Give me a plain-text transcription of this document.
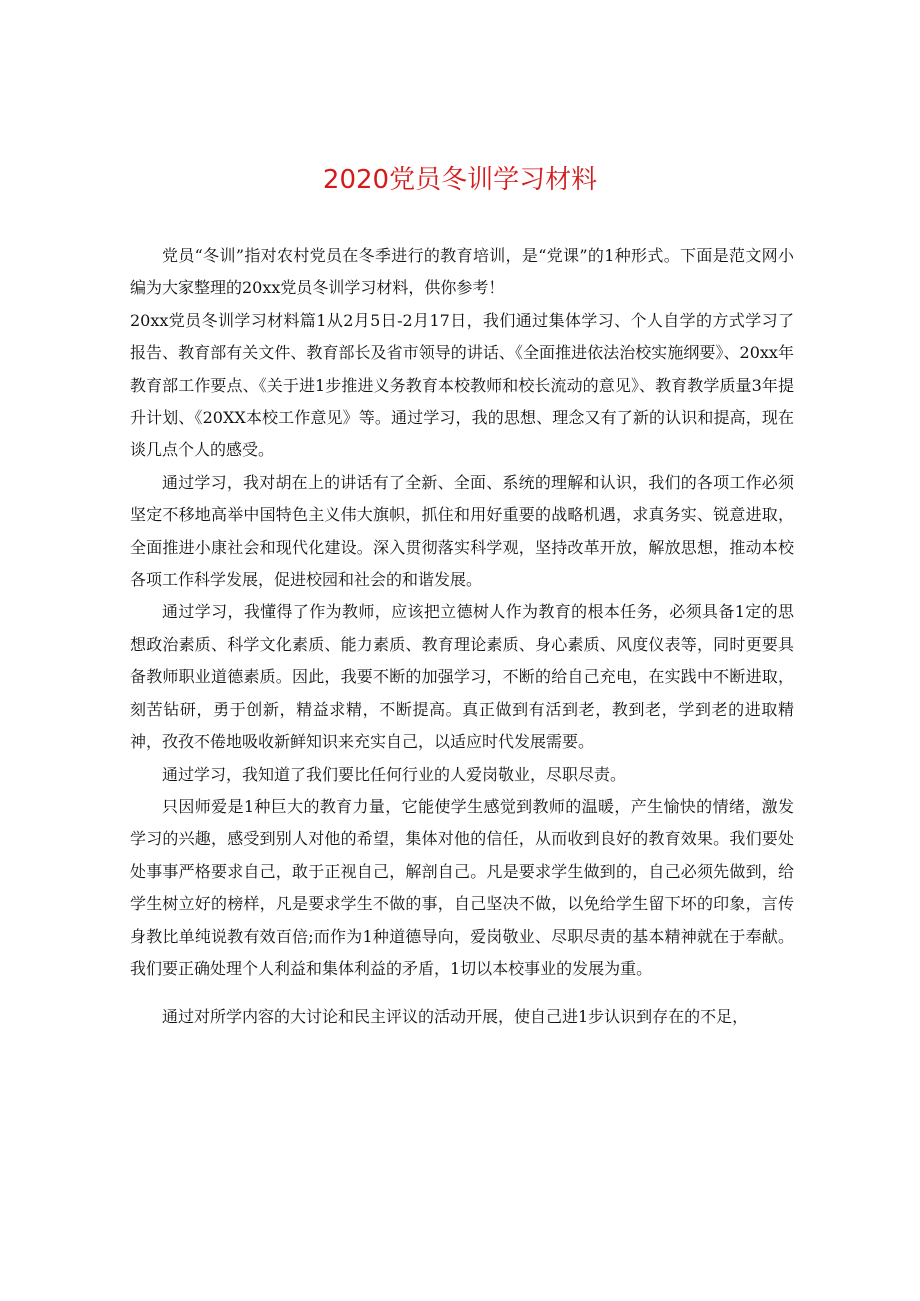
2020党员冬训学习材料

党员“冬训”指对农村党员在冬季进行的教育培训，是“党课”的1种形式。下面是范文网小编为大家整理的20xx党员冬训学习材料，供你参考！

20xx党员冬训学习材料篇1从2月5日-2月17日，我们通过集体学习、个人自学的方式学习了报告、教育部有关文件、教育部长及省市领导的讲话、《全面推进依法治校实施纲要》、20xx年教育部工作要点、《关于进1步推进义务教育本校教师和校长流动的意见》、教育教学质量3年提升计划、《20XX本校工作意见》等。通过学习，我的思想、理念又有了新的认识和提高，现在谈几点个人的感受。

通过学习，我对胡在上的讲话有了全新、全面、系统的理解和认识，我们的各项工作必须坚定不移地高举中国特色主义伟大旗帜，抓住和用好重要的战略机遇，求真务实、锐意进取，全面推进小康社会和现代化建设。深入贯彻落实科学观，坚持改革开放，解放思想，推动本校各项工作科学发展，促进校园和社会的和谐发展。

通过学习，我懂得了作为教师，应该把立德树人作为教育的根本任务，必须具备1定的思想政治素质、科学文化素质、能力素质、教育理论素质、身心素质、风度仪表等，同时更要具备教师职业道德素质。因此，我要不断的加强学习，不断的给自己充电，在实践中不断进取，刻苦钻研，勇于创新，精益求精，不断提高。真正做到有活到老，教到老，学到老的进取精神，孜孜不倦地吸收新鲜知识来充实自己，以适应时代发展需要。

通过学习，我知道了我们要比任何行业的人爱岗敬业，尽职尽责。

只因师爱是1种巨大的教育力量，它能使学生感觉到教师的温暖，产生愉快的情绪，激发学习的兴趣，感受到别人对他的希望，集体对他的信任，从而收到良好的教育效果。我们要处处事事严格要求自己，敢于正视自己，解剖自己。凡是要求学生做到的，自己必须先做到，给学生树立好的榜样，凡是要求学生不做的事，自己坚决不做，以免给学生留下坏的印象，言传身教比单纯说教有效百倍;而作为1种道德导向，爱岗敬业、尽职尽责的基本精神就在于奉献。我们要正确处理个人利益和集体利益的矛盾，1切以本校事业的发展为重。

通过对所学内容的大讨论和民主评议的活动开展，使自己进1步认识到存在的不足，
